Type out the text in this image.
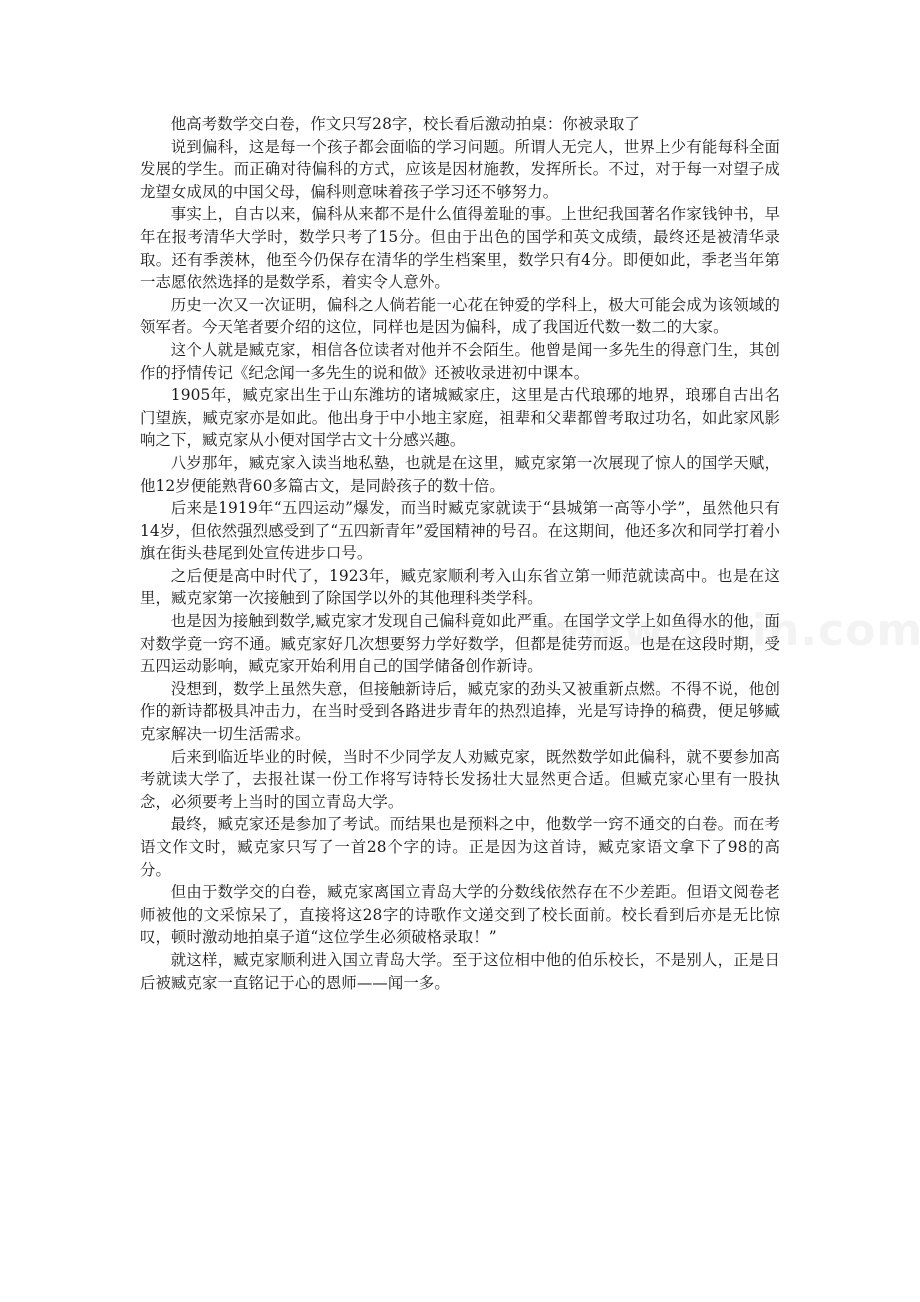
他高考数学交白卷，作文只写28字，校长看后激动拍桌：你被录取了

说到偏科，这是每一个孩子都会面临的学习问题。所谓人无完人，世界上少有能每科全面发展的学生。而正确对待偏科的方式，应该是因材施教，发挥所长。不过，对于每一对望子成龙望女成凤的中国父母，偏科则意味着孩子学习还不够努力。

事实上，自古以来，偏科从来都不是什么值得羞耻的事。上世纪我国著名作家钱钟书，早年在报考清华大学时，数学只考了15分。但由于出色的国学和英文成绩，最终还是被清华录取。还有季羡林，他至今仍保存在清华的学生档案里，数学只有4分。即便如此，季老当年第一志愿依然选择的是数学系，着实令人意外。

历史一次又一次证明，偏科之人倘若能一心花在钟爱的学科上，极大可能会成为该领域的领军者。今天笔者要介绍的这位，同样也是因为偏科，成了我国近代数一数二的大家。

这个人就是臧克家，相信各位读者对他并不会陌生。他曾是闻一多先生的得意门生，其创作的抒情传记《纪念闻一多先生的说和做》还被收录进初中课本。

1905年，臧克家出生于山东潍坊的诸城臧家庄，这里是古代琅琊的地界，琅琊自古出名门望族，臧克家亦是如此。他出身于中小地主家庭，祖辈和父辈都曾考取过功名，如此家风影响之下，臧克家从小便对国学古文十分感兴趣。

八岁那年，臧克家入读当地私塾，也就是在这里，臧克家第一次展现了惊人的国学天赋，他12岁便能熟背60多篇古文，是同龄孩子的数十倍。

后来是1919年“五四运动”爆发，而当时臧克家就读于“县城第一高等小学”，虽然他只有14岁，但依然强烈感受到了“五四新青年”爱国精神的号召。在这期间，他还多次和同学打着小旗在街头巷尾到处宣传进步口号。

之后便是高中时代了，1923年，臧克家顺利考入山东省立第一师范就读高中。也是在这里，臧克家第一次接触到了除国学以外的其他理科类学科。

也是因为接触到数学,臧克家才发现自己偏科竟如此严重。在国学文学上如鱼得水的他，面对数学竟一窍不通。臧克家好几次想要努力学好数学，但都是徒劳而返。也是在这段时期，受五四运动影响，臧克家开始利用自己的国学储备创作新诗。

没想到，数学上虽然失意，但接触新诗后，臧克家的劲头又被重新点燃。不得不说，他创作的新诗都极具冲击力，在当时受到各路进步青年的热烈追捧，光是写诗挣的稿费，便足够臧克家解决一切生活需求。

后来到临近毕业的时候，当时不少同学友人劝臧克家，既然数学如此偏科，就不要参加高考就读大学了，去报社谋一份工作将写诗特长发扬壮大显然更合适。但臧克家心里有一股执念，必须要考上当时的国立青岛大学。

最终，臧克家还是参加了考试。而结果也是预料之中，他数学一窍不通交的白卷。而在考语文作文时，臧克家只写了一首28个字的诗。正是因为这首诗，臧克家语文拿下了98的高分。

但由于数学交的白卷，臧克家离国立青岛大学的分数线依然存在不少差距。但语文阅卷老师被他的文采惊呆了，直接将这28字的诗歌作文递交到了校长面前。校长看到后亦是无比惊叹，顿时激动地拍桌子道“这位学生必须破格录取！”

就这样，臧克家顺利进入国立青岛大学。至于这位相中他的伯乐校长，不是别人，正是日后被臧克家一直铭记于心的恩师——闻一多。
